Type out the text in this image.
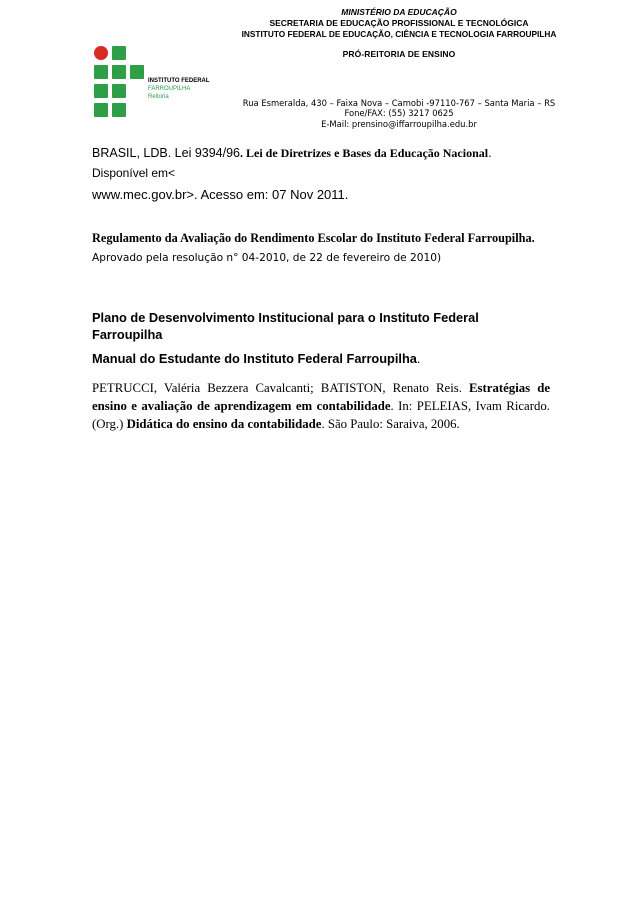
INSTITUTO FEDERAL
FARROUPILHA
Reitoria
MINISTÉRIO DA EDUCAÇÃO
SECRETARIA DE EDUCAÇÃO PROFISSIONAL E TECNOLÓGICA
INSTITUTO FEDERAL DE EDUCAÇÃO, CIÊNCIA E TECNOLOGIA FARROUPILHA
PRÓ-REITORIA DE ENSINO
Rua Esmeralda, 430 – Faixa Nova – Camobi -97110-767 – Santa Maria – RS
Fone/FAX: (55) 3217 0625
E-Mail: prensino@iffarroupilha.edu.br
BRASIL, LDB. Lei 9394/96. Lei de Diretrizes e Bases da Educação Nacional.
Disponível em<
www.mec.gov.br>. Acesso em: 07 Nov 2011.
Regulamento da Avaliação do Rendimento Escolar do Instituto Federal Farroupilha. Aprovado pela resolução n° 04-2010, de 22 de fevereiro de 2010)
Plano de Desenvolvimento Institucional para o Instituto Federal Farroupilha
Manual do Estudante do Instituto Federal Farroupilha.
PETRUCCI, Valéria Bezzera Cavalcanti; BATISTON, Renato Reis. Estratégias de ensino e avaliação de aprendizagem em contabilidade. In: PELEIAS, Ivam Ricardo. (Org.) Didática do ensino da contabilidade. São Paulo: Saraiva, 2006.
